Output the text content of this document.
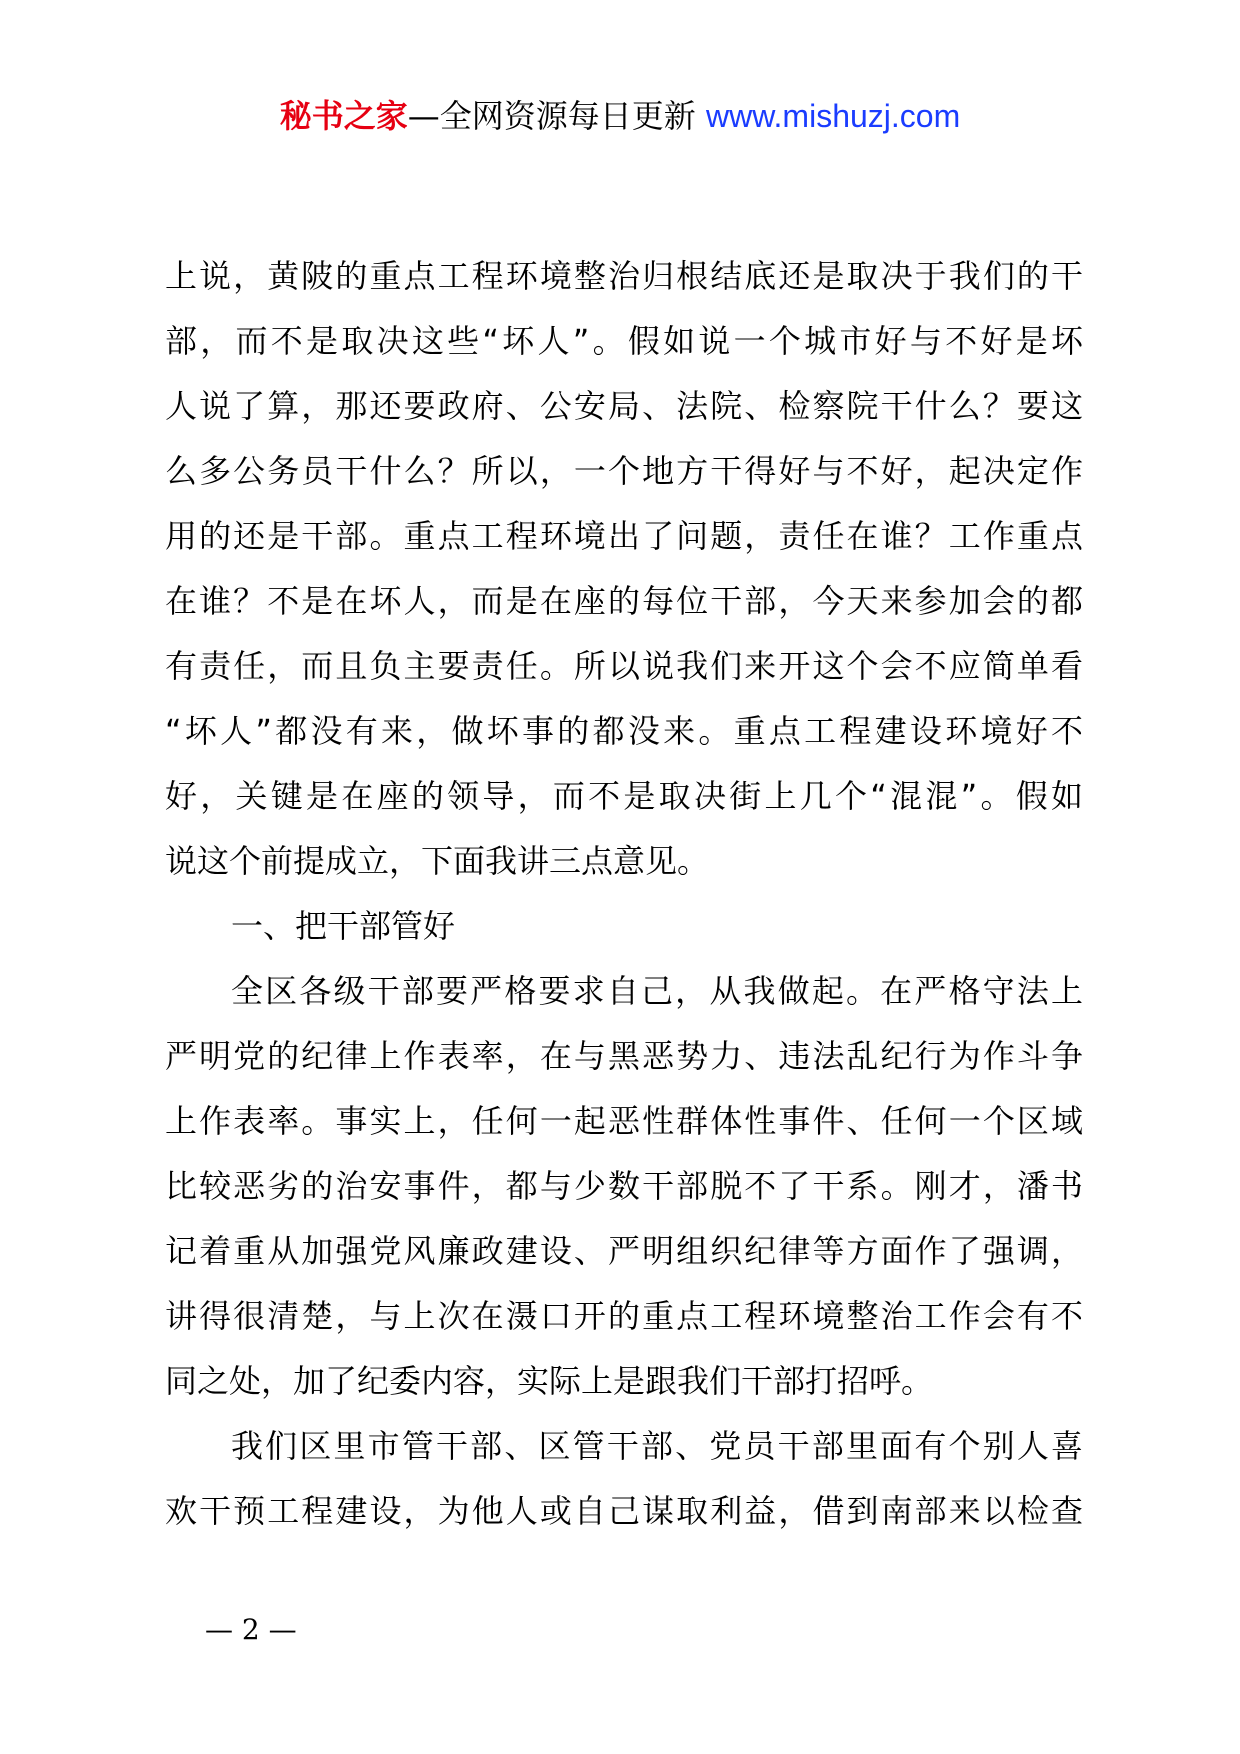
秘书之家—全网资源每日更新 www.mishuzj.com
上说，黄陂的重点工程环境整治归根结底还是取决于我们的干
部，而不是取决这些“坏人”。假如说一个城市好与不好是坏
人说了算，那还要政府、公安局、法院、检察院干什么？要这
么多公务员干什么？所以，一个地方干得好与不好，起决定作
用的还是干部。重点工程环境出了问题，责任在谁？工作重点
在谁？不是在坏人，而是在座的每位干部，今天来参加会的都
有责任，而且负主要责任。所以说我们来开这个会不应简单看
“坏人”都没有来，做坏事的都没来。重点工程建设环境好不
好，关键是在座的领导，而不是取决街上几个“混混”。假如
说这个前提成立，下面我讲三点意见。
一、把干部管好
全区各级干部要严格要求自己，从我做起。在严格守法上
严明党的纪律上作表率，在与黑恶势力、违法乱纪行为作斗争
上作表率。事实上，任何一起恶性群体性事件、任何一个区域
比较恶劣的治安事件，都与少数干部脱不了干系。刚才，潘书
记着重从加强党风廉政建设、严明组织纪律等方面作了强调，
讲得很清楚，与上次在滠口开的重点工程环境整治工作会有不
同之处，加了纪委内容，实际上是跟我们干部打招呼。
我们区里市管干部、区管干部、党员干部里面有个别人喜
欢干预工程建设，为他人或自己谋取利益，借到南部来以检查
— 2 —
